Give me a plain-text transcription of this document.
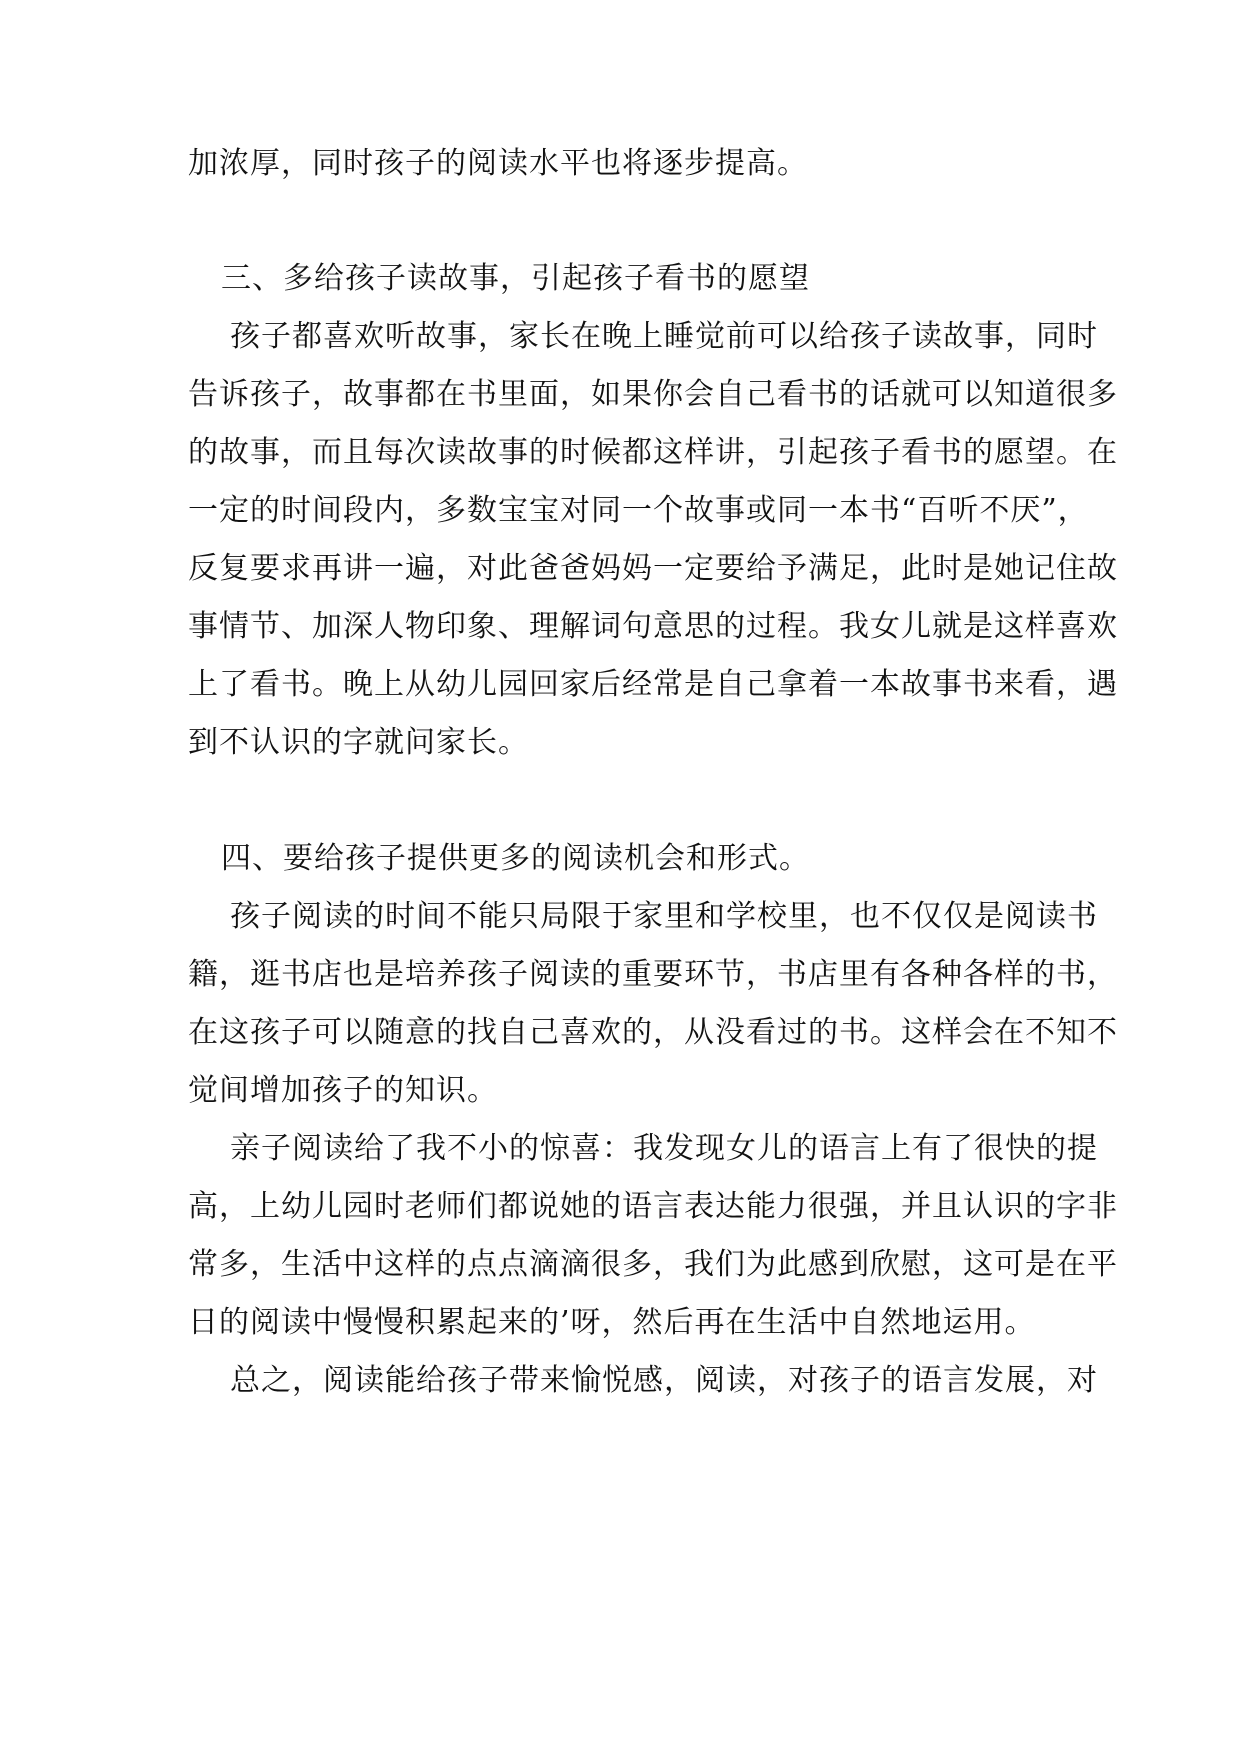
加浓厚，同时孩子的阅读水平也将逐步提高。

三、多给孩子读故事，引起孩子看书的愿望

孩子都喜欢听故事，家长在晚上睡觉前可以给孩子读故事，同时

告诉孩子，故事都在书里面，如果你会自己看书的话就可以知道很多

的故事，而且每次读故事的时候都这样讲，引起孩子看书的愿望。在

一定的时间段内，多数宝宝对同一个故事或同一本书“百听不厌”，

反复要求再讲一遍，对此爸爸妈妈一定要给予满足，此时是她记住故

事情节、加深人物印象、理解词句意思的过程。我女儿就是这样喜欢

上了看书。晚上从幼儿园回家后经常是自己拿着一本故事书来看，遇

到不认识的字就问家长。

四、要给孩子提供更多的阅读机会和形式。

孩子阅读的时间不能只局限于家里和学校里，也不仅仅是阅读书

籍，逛书店也是培养孩子阅读的重要环节，书店里有各种各样的书，

在这孩子可以随意的找自己喜欢的，从没看过的书。这样会在不知不

觉间增加孩子的知识。

亲子阅读给了我不小的惊喜：我发现女儿的语言上有了很快的提

高，上幼儿园时老师们都说她的语言表达能力很强，并且认识的字非

常多，生活中这样的点点滴滴很多，我们为此感到欣慰，这可是在平

日的阅读中慢慢积累起来的’呀，然后再在生活中自然地运用。

总之，阅读能给孩子带来愉悦感，阅读，对孩子的语言发展，对
